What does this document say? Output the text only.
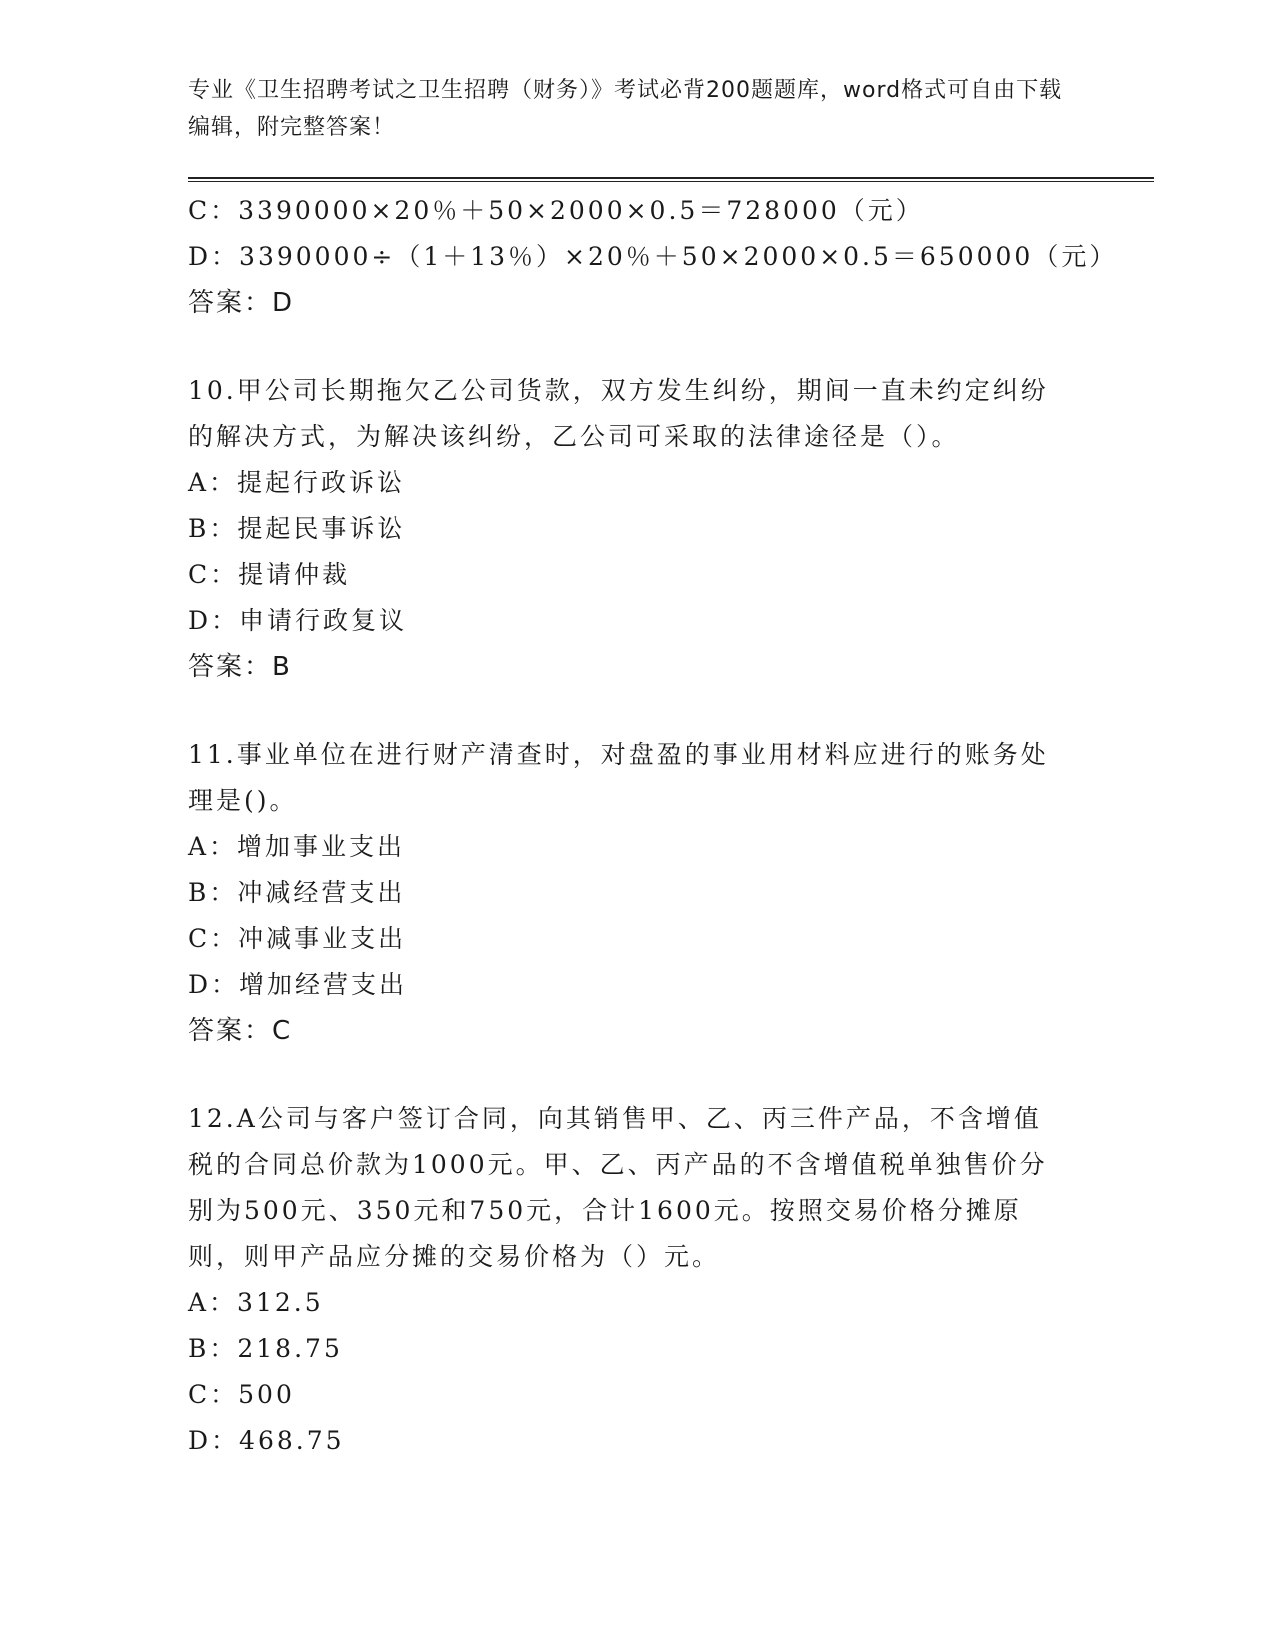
专业《卫生招聘考试之卫生招聘（财务）》考试必背200题题库，word格式可自由下载编辑，附完整答案！
C：3390000×20％＋50×2000×0.5＝728000（元）
D：3390000÷（1＋13％）×20％＋50×2000×0.5＝650000（元）
答案：D
10.甲公司长期拖欠乙公司货款，双方发生纠纷，期间一直未约定纠纷的解决方式，为解决该纠纷，乙公司可采取的法律途径是（）。
A：提起行政诉讼
B：提起民事诉讼
C：提请仲裁
D：申请行政复议
答案：B
11.事业单位在进行财产清查时，对盘盈的事业用材料应进行的账务处理是()。
A：增加事业支出
B：冲减经营支出
C：冲减事业支出
D：增加经营支出
答案：C
12.A公司与客户签订合同，向其销售甲、乙、丙三件产品，不含增值税的合同总价款为1000元。甲、乙、丙产品的不含增值税单独售价分别为500元、350元和750元，合计1600元。按照交易价格分摊原则，则甲产品应分摊的交易价格为（）元。
A：312.5
B：218.75
C：500
D：468.75
